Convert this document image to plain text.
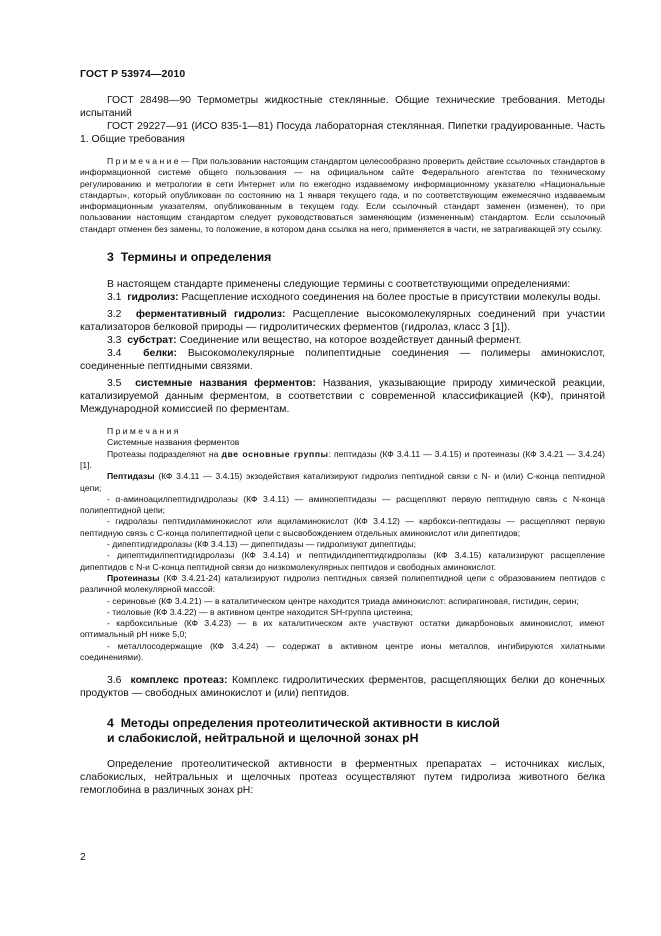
ГОСТ Р 53974—2010

ГОСТ 28498—90 Термометры жидкостные стеклянные. Общие технические требования. Методы испытаний

ГОСТ 29227—91 (ИСО 835-1—81) Посуда лабораторная стеклянная. Пипетки градуированные. Часть 1. Общие требования

П р и м е ч а н и е — При пользовании настоящим стандартом целесообразно проверить действие ссылочных стандартов в информационной системе общего пользования — на официальном сайте Федерального агентства по техническому регулированию и метрологии в сети Интернет или по ежегодно издаваемому информационному указателю «Национальные стандарты», который опубликован по состоянию на 1 января текущего года, и по соответствующим ежемесячно издаваемым информационным указателям, опубликованным в текущем году. Если ссылочный стандарт заменен (изменен), то при пользовании настоящим стандартом следует руководствоваться заменяющим (измененным) стандартом. Если ссылочный стандарт отменен без замены, то положение, в котором дана ссылка на него, применяется в части, не затрагивающей эту ссылку.

3 Термины и определения

В настоящем стандарте применены следующие термины с соответствующими определениями:

3.1 гидролиз: Расщепление исходного соединения на более простые в присутствии молекулы воды.

3.2 ферментативный гидролиз: Расщепление высокомолекулярных соединений при участии катализаторов белковой природы — гидролитических ферментов (гидролаз, класс 3 [1]).

3.3 субстрат: Соединение или вещество, на которое воздействует данный фермент.

3.4 белки: Высокомолекулярные полипептидные соединения — полимеры аминокислот, соединенные пептидными связями.

3.5 системные названия ферментов: Названия, указывающие природу химической реакции, катализируемой данным ферментом, в соответствии с современной классификацией (КФ), принятой Международной комиссией по ферментам.

П р и м е ч а н и я

Системные названия ферментов

Протеазы подразделяют на две основные группы: пептидазы (КФ 3.4.11 — 3.4.15) и протеиназы (КФ 3.4.21 — 3.4.24) [1].

Пептидазы (КФ 3.4.11 — 3.4.15) экзодействия катализируют гидролиз пептидной связи с N- и (или) С-конца пептидной цепи;

- α-аминоацилпептидгидролазы (КФ 3.4.11) — аминопептидазы — расщепляют первую пептидную связь с N-конца полипептидной цепи;

- гидролазы пептидиламинокислот или ациламинокислот (КФ 3.4.12) — карбокси-пептидазы — расщепляют первую пептидную связь с С-конца полипептидной цепи с высвобождением отдельных аминокислот или дипептидов;

- дипептидгидролазы (КФ 3.4.13) — дипептидазы — гидролизуют дипептиды;

- дипептидилпептидгидролазы (КФ 3.4.14) и пептидилдипептидгидролазы (КФ 3.4.15) катализируют расщепление дипептидов с N-и С-конца пептидной связи до низкомолекулярных пептидов и свободных аминокислот.

Протеиназы (КФ 3.4.21-24) катализируют гидролиз пептидных связей полипептидной цепи с образованием пептидов с различной молекулярной массой:

- сериновые (КФ 3.4.21) — в каталитическом центре находится триада аминокислот: аспирагиновая, гистидин, серин;

- тиоловые (КФ 3.4.22) — в активном центре находится SH-группа цистеина;

- карбоксильные (КФ 3.4.23) — в их каталитическом акте участвуют остатки дикарбоновых аминокислот, имеют оптимальный рН ниже 5,0;

- металлосодержащие (КФ 3.4.24) — содержат в активном центре ионы металлов, ингибируются хилатными соединениями).

3.6 комплекс протеаз: Комплекс гидролитических ферментов, расщепляющих белки до конечных продуктов — свободных аминокислот и (или) пептидов.

4 Методы определения протеолитической активности в кислой

и слабокислой, нейтральной и щелочной зонах рН

Определение протеолитической активности в ферментных препаратах – источниках кислых, слабокислых, нейтральных и щелочных протеаз осуществляют путем гидролиза животного белка гемоглобина в различных зонах рН:

2
